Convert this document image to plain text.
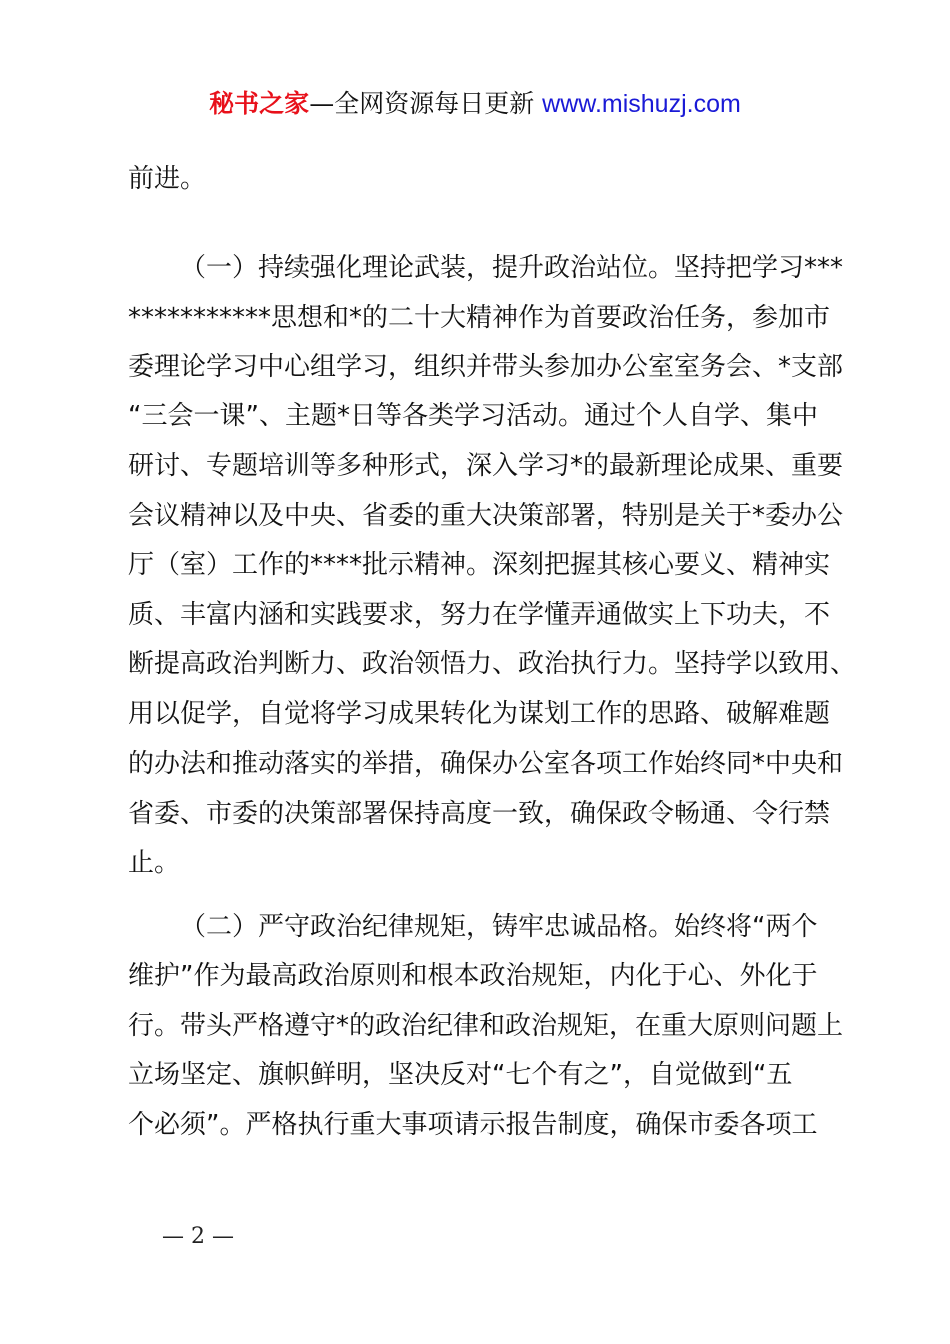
秘书之家—全网资源每日更新 www.mishuzj.com
前进。
（一）持续强化理论武装，提升政治站位。坚持把学习***
***********思想和*的二十大精神作为首要政治任务，参加市
委理论学习中心组学习，组织并带头参加办公室室务会、*支部
“三会一课”、主题*日等各类学习活动。通过个人自学、集中
研讨、专题培训等多种形式，深入学习*的最新理论成果、重要
会议精神以及中央、省委的重大决策部署，特别是关于*委办公
厅（室）工作的****批示精神。深刻把握其核心要义、精神实
质、丰富内涵和实践要求，努力在学懂弄通做实上下功夫，不
断提高政治判断力、政治领悟力、政治执行力。坚持学以致用、
用以促学，自觉将学习成果转化为谋划工作的思路、破解难题
的办法和推动落实的举措，确保办公室各项工作始终同*中央和
省委、市委的决策部署保持高度一致，确保政令畅通、令行禁
止。
（二）严守政治纪律规矩，铸牢忠诚品格。始终将“两个
维护”作为最高政治原则和根本政治规矩，内化于心、外化于
行。带头严格遵守*的政治纪律和政治规矩，在重大原则问题上
立场坚定、旗帜鲜明，坚决反对“七个有之”，自觉做到“五
个必须”。严格执行重大事项请示报告制度，确保市委各项工
— 2 —
